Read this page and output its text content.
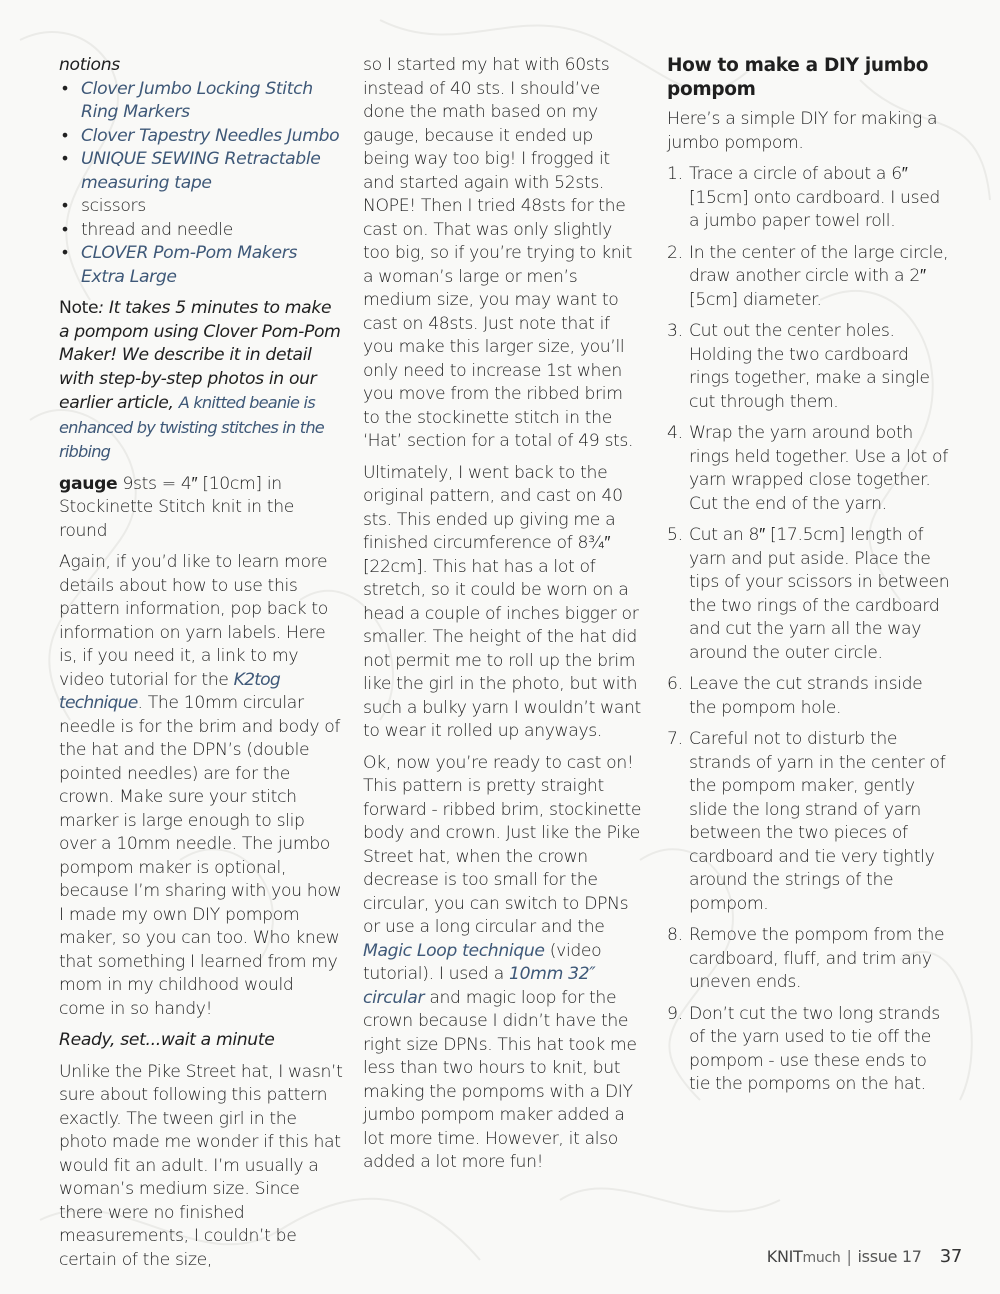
notions
• Clover Jumbo Locking Stitch Ring Markers
• Clover Tapestry Needles Jumbo
• UNIQUE SEWING Retractable measuring tape
• scissors
• thread and needle
• CLOVER Pom-Pom Makers Extra Large

Note: It takes 5 minutes to make a pompom using Clover Pom-Pom Maker! We describe it in detail with step-by-step photos in our earlier article, A knitted beanie is enhanced by twisting stitches in the ribbing

gauge 9sts = 4″ [10cm] in Stockinette Stitch knit in the round

Again, if you’d like to learn more details about how to use this pattern information, pop back to information on yarn labels. Here is, if you need it, a link to my video tutorial for the K2tog technique. The 10mm circular needle is for the brim and body of the hat and the DPN’s (double pointed needles) are for the crown. Make sure your stitch marker is large enough to slip over a 10mm needle. The jumbo pompom maker is optional, because I’m sharing with you how I made my own DIY pompom maker, so you can too. Who knew that something I learned from my mom in my childhood would come in so handy!

Ready, set...wait a minute

Unlike the Pike Street hat, I wasn’t sure about following this pattern exactly. The tween girl in the photo made me wonder if this hat would fit an adult. I’m usually a woman’s medium size. Since there were no finished measurements, I couldn’t be certain of the size,

so I started my hat with 60sts instead of 40 sts. I should’ve done the math based on my gauge, because it ended up being way too big! I frogged it and started again with 52sts. NOPE! Then I tried 48sts for the cast on. That was only slightly too big, so if you’re trying to knit a woman’s large or men’s medium size, you may want to cast on 48sts. Just note that if you make this larger size, you’ll only need to increase 1st when you move from the ribbed brim to the stockinette stitch in the ‘Hat’ section for a total of 49 sts.

Ultimately, I went back to the original pattern, and cast on 40 sts. This ended up giving me a finished circumference of 8¾″ [22cm]. This hat has a lot of stretch, so it could be worn on a head a couple of inches bigger or smaller. The height of the hat did not permit me to roll up the brim like the girl in the photo, but with such a bulky yarn I wouldn’t want to wear it rolled up anyways.

Ok, now you’re ready to cast on! This pattern is pretty straight forward - ribbed brim, stockinette body and crown. Just like the Pike Street hat, when the crown decrease is too small for the circular, you can switch to DPNs or use a long circular and the Magic Loop technique (video tutorial). I used a 10mm 32″ circular and magic loop for the crown because I didn’t have the right size DPNs. This hat took me less than two hours to knit, but making the pompoms with a DIY jumbo pompom maker added a lot more time. However, it also added a lot more fun!

How to make a DIY jumbo pompom

Here’s a simple DIY for making a jumbo pompom.

1. Trace a circle of about a 6″ [15cm] onto cardboard. I used a jumbo paper towel roll.
2. In the center of the large circle, draw another circle with a 2″ [5cm] diameter.
3. Cut out the center holes. Holding the two cardboard rings together, make a single cut through them.
4. Wrap the yarn around both rings held together. Use a lot of yarn wrapped close together. Cut the end of the yarn.
5. Cut an 8″ [17.5cm] length of yarn and put aside. Place the tips of your scissors in between the two rings of the cardboard and cut the yarn all the way around the outer circle.
6. Leave the cut strands inside the pompom hole.
7. Careful not to disturb the strands of yarn in the center of the pompom maker, gently slide the long strand of yarn between the two pieces of cardboard and tie very tightly around the strings of the pompom.
8. Remove the pompom from the cardboard, fluff, and trim any uneven ends.
9. Don’t cut the two long strands of the yarn used to tie off the pompom - use these ends to tie the pompoms on the hat.
KNITmuch | issue 17 37
